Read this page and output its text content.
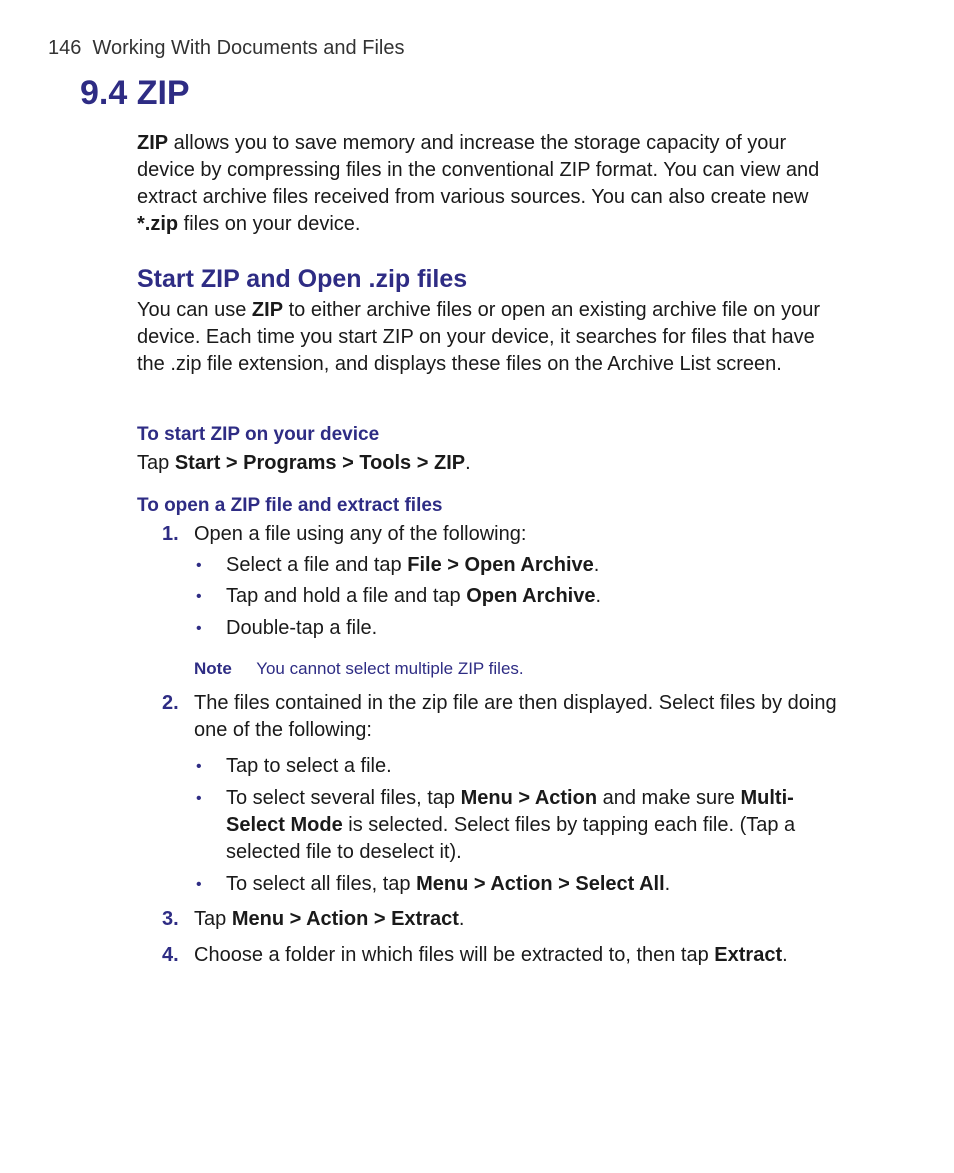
146 Working With Documents and Files
9.4 ZIP
ZIP allows you to save memory and increase the storage capacity of your device by compressing files in the conventional ZIP format. You can view and extract archive files received from various sources. You can also create new *.zip files on your device.
Start ZIP and Open .zip files
You can use ZIP to either archive files or open an existing archive file on your device. Each time you start ZIP on your device, it searches for files that have the .zip file extension, and displays these files on the Archive List screen.
To start ZIP on your device
Tap Start > Programs > Tools > ZIP.
To open a ZIP file and extract files
1. Open a file using any of the following:
• Select a file and tap File > Open Archive.
• Tap and hold a file and tap Open Archive.
• Double-tap a file.
Note You cannot select multiple ZIP files.
2. The files contained in the zip file are then displayed. Select files by doing one of the following:
• Tap to select a file.
• To select several files, tap Menu > Action and make sure Multi-Select Mode is selected. Select files by tapping each file. (Tap a selected file to deselect it).
• To select all files, tap Menu > Action > Select All.
3. Tap Menu > Action > Extract.
4. Choose a folder in which files will be extracted to, then tap Extract.
